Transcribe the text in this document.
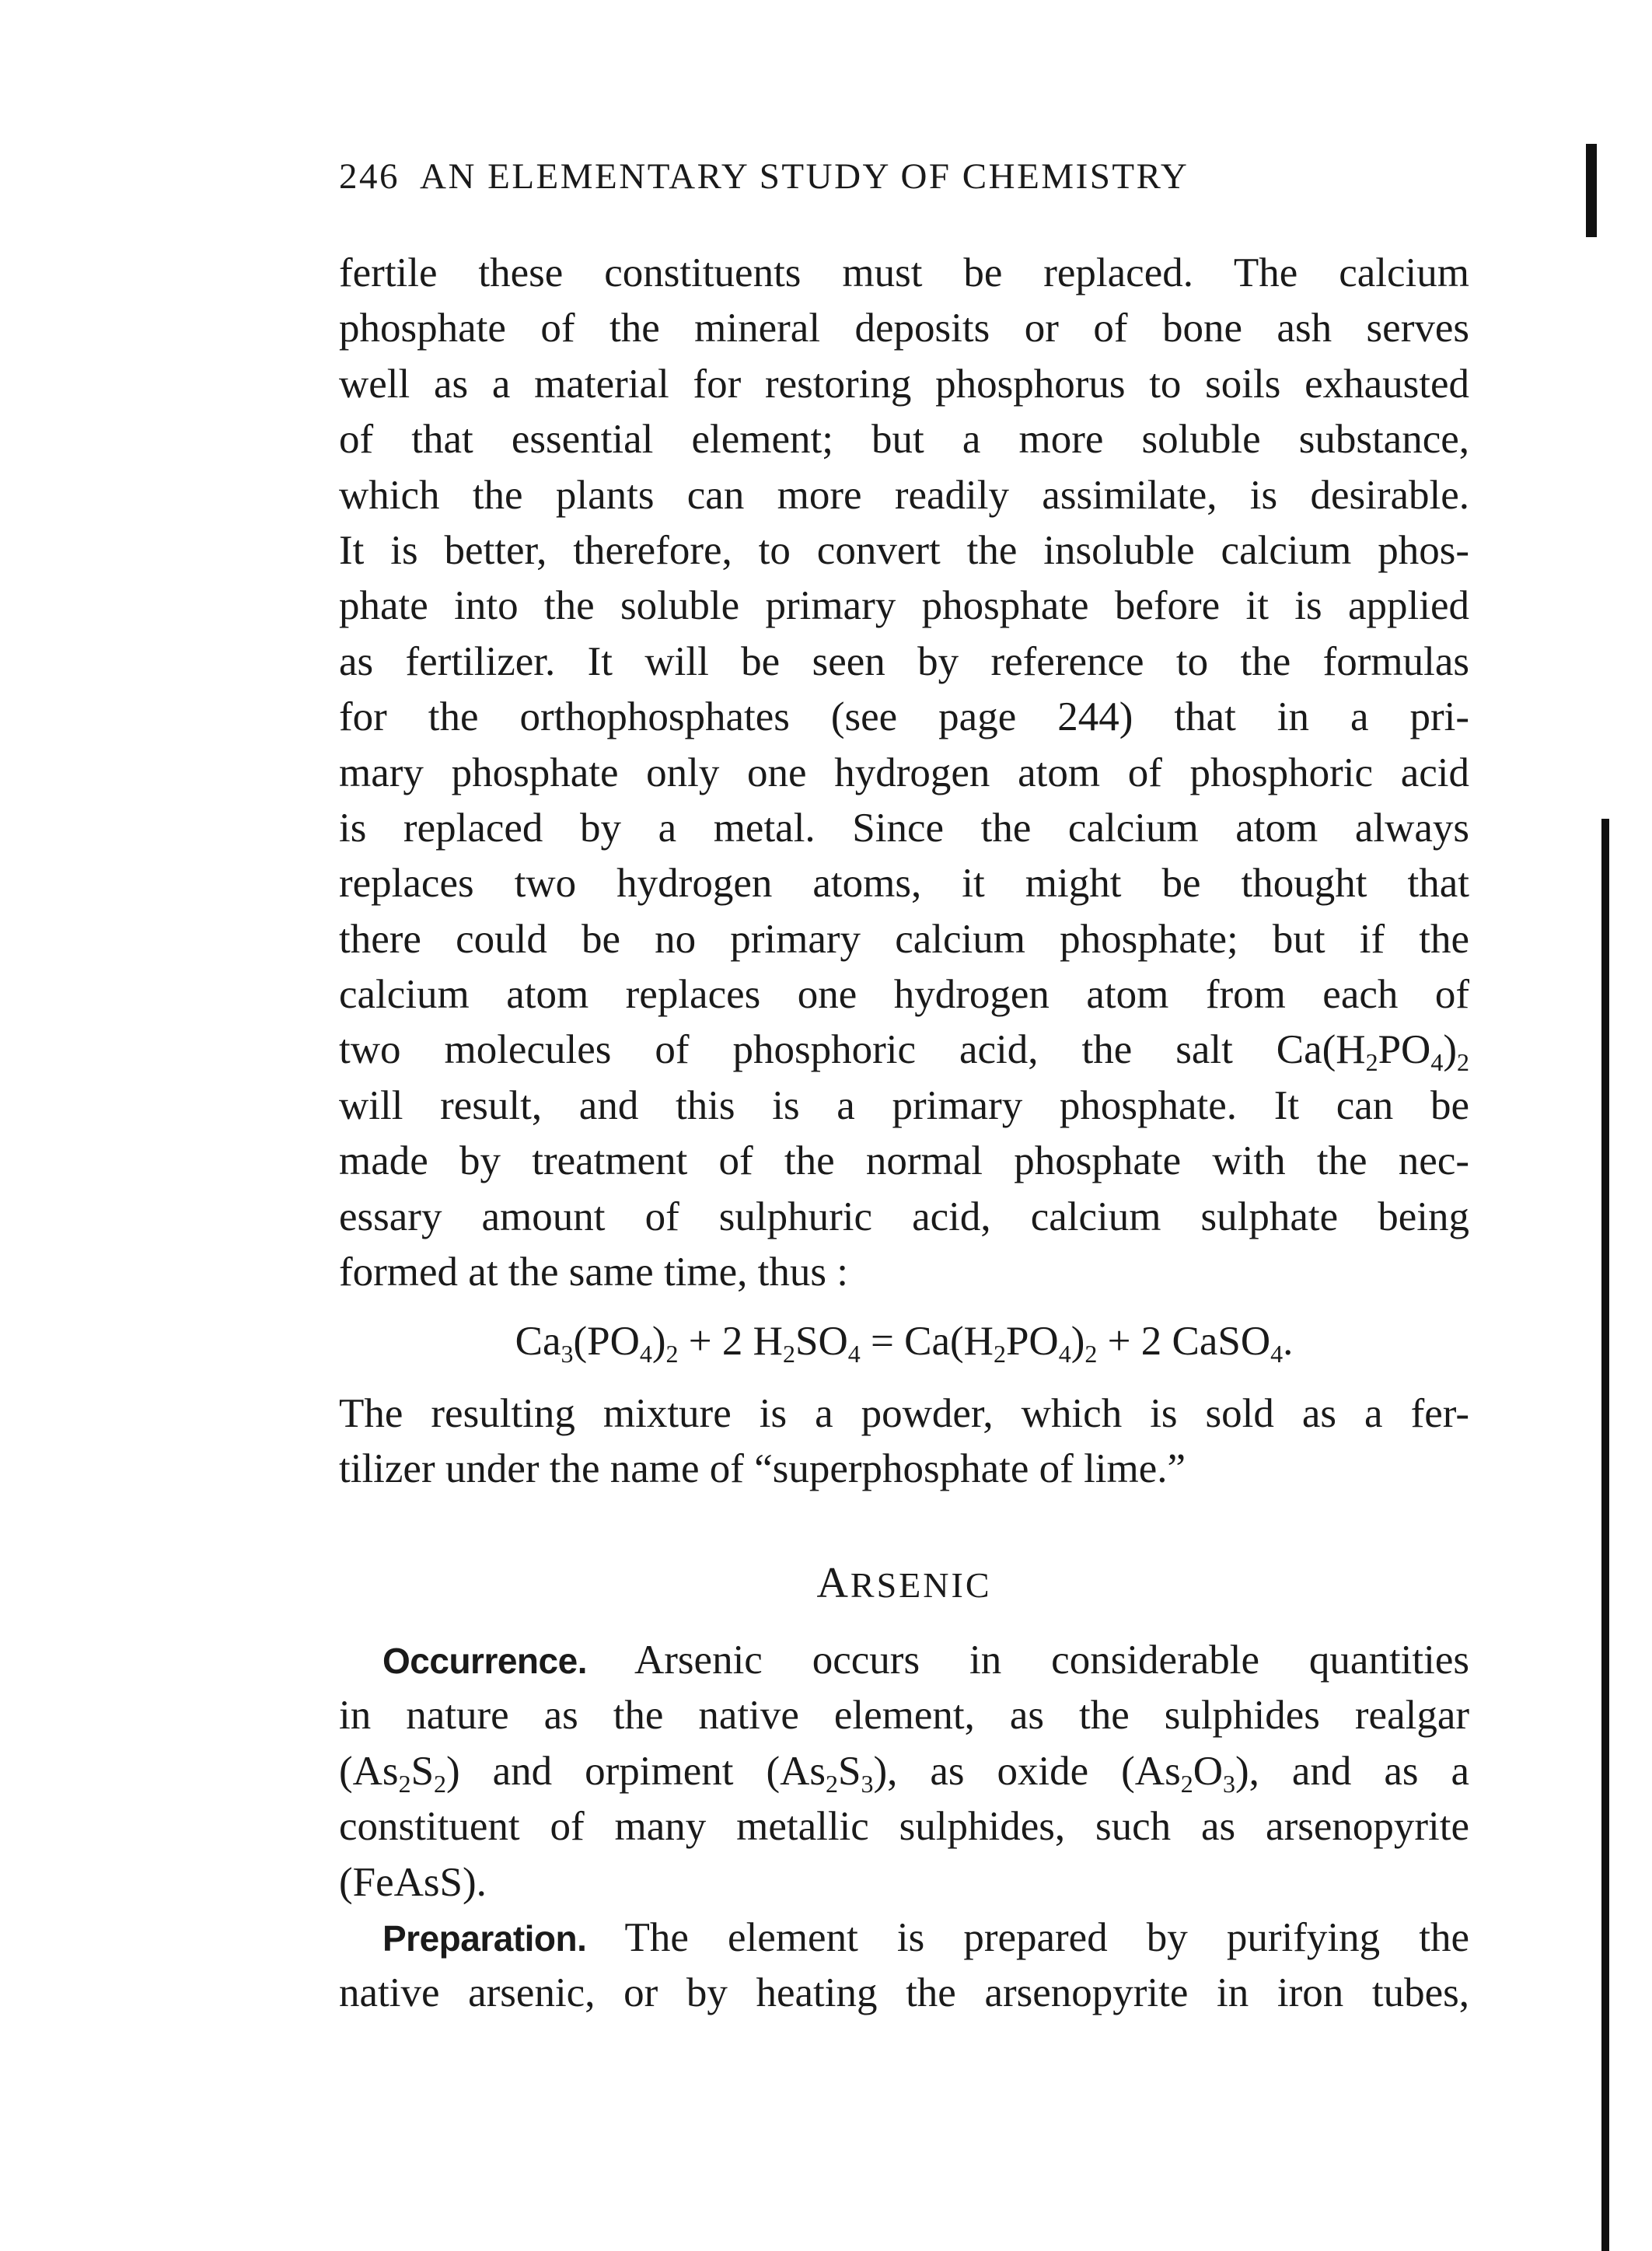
246 AN ELEMENTARY STUDY OF CHEMISTRY
fertile these constituents must be replaced. The calcium
phosphate of the mineral deposits or of bone ash serves
well as a material for restoring phosphorus to soils exhausted
of that essential element; but a more soluble substance,
which the plants can more readily assimilate, is desirable.
It is better, therefore, to convert the insoluble calcium phos-
phate into the soluble primary phosphate before it is applied
as fertilizer. It will be seen by reference to the formulas
for the orthophosphates (see page 244) that in a pri-
mary phosphate only one hydrogen atom of phosphoric acid
is replaced by a metal. Since the calcium atom always
replaces two hydrogen atoms, it might be thought that
there could be no primary calcium phosphate; but if the
calcium atom replaces one hydrogen atom from each of
two molecules of phosphoric acid, the salt $Ca(H_2PO_4)_2$
will result, and this is a primary phosphate. It can be
made by treatment of the normal phosphate with the nec-
essary amount of sulphuric acid, calcium sulphate being
formed at the same time, thus :
$Ca_3(PO_4)_2 + 2$ $H_2SO_4 = Ca(H_2PO_4)_2 + 2$ CaSO$_4$.
The resulting mixture is a powder, which is sold as a fer-
tilizer under the name of “superphosphate of lime.”
ARSENIC
Occurrence. Arsenic occurs in considerable quantities
in nature as the native element, as the sulphides realgar
$(As_2S_2)$ and orpiment $(As_2S_3)$, as oxide $(As_2O_3)$, and as a
constituent of many metallic sulphides, such as arsenopyrite
(FeAsS).
Preparation. The element is prepared by purifying the
native arsenic, or by heating the arsenopyrite in iron tubes,
